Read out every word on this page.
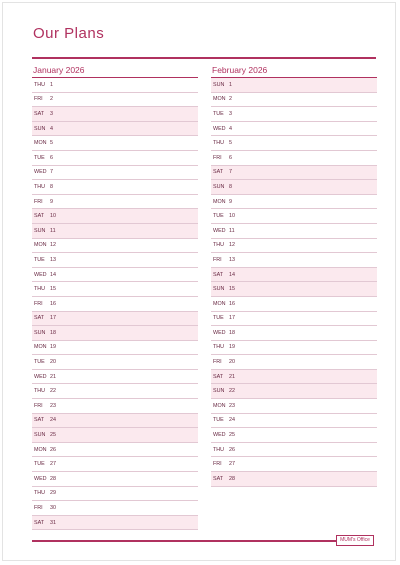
Our Plans
January 2026
THU 1
FRI	2
SAT	3
SUN 4
MON 5
TUE 6
WED 7
THU 8
FRI	9
SAT	10
SUN 11
MON 12
TUE 13
WED 14
THU 15
FRI	16
SAT	17
SUN 18
MON 19
TUE 20
WED 21
THU 22
FRI	23
SAT	24
SUN 25
MON 26
TUE 27
WED 28
THU 29
FRI	30
SAT	31
February 2026
SUN 1
MON 2
TUE 3
WED 4
THU 5
FRI	6
SAT	7
SUN 8
MON 9
TUE 10
WED 11
THU 12
FRI	13
SAT	14
SUN 15
MON 16
TUE 17
WED 18
THU 19
FRI	20
SAT	21
SUN 22
MON 23
TUE 24
WED 25
THU 26
FRI	27
SAT	28
MUM's Office
